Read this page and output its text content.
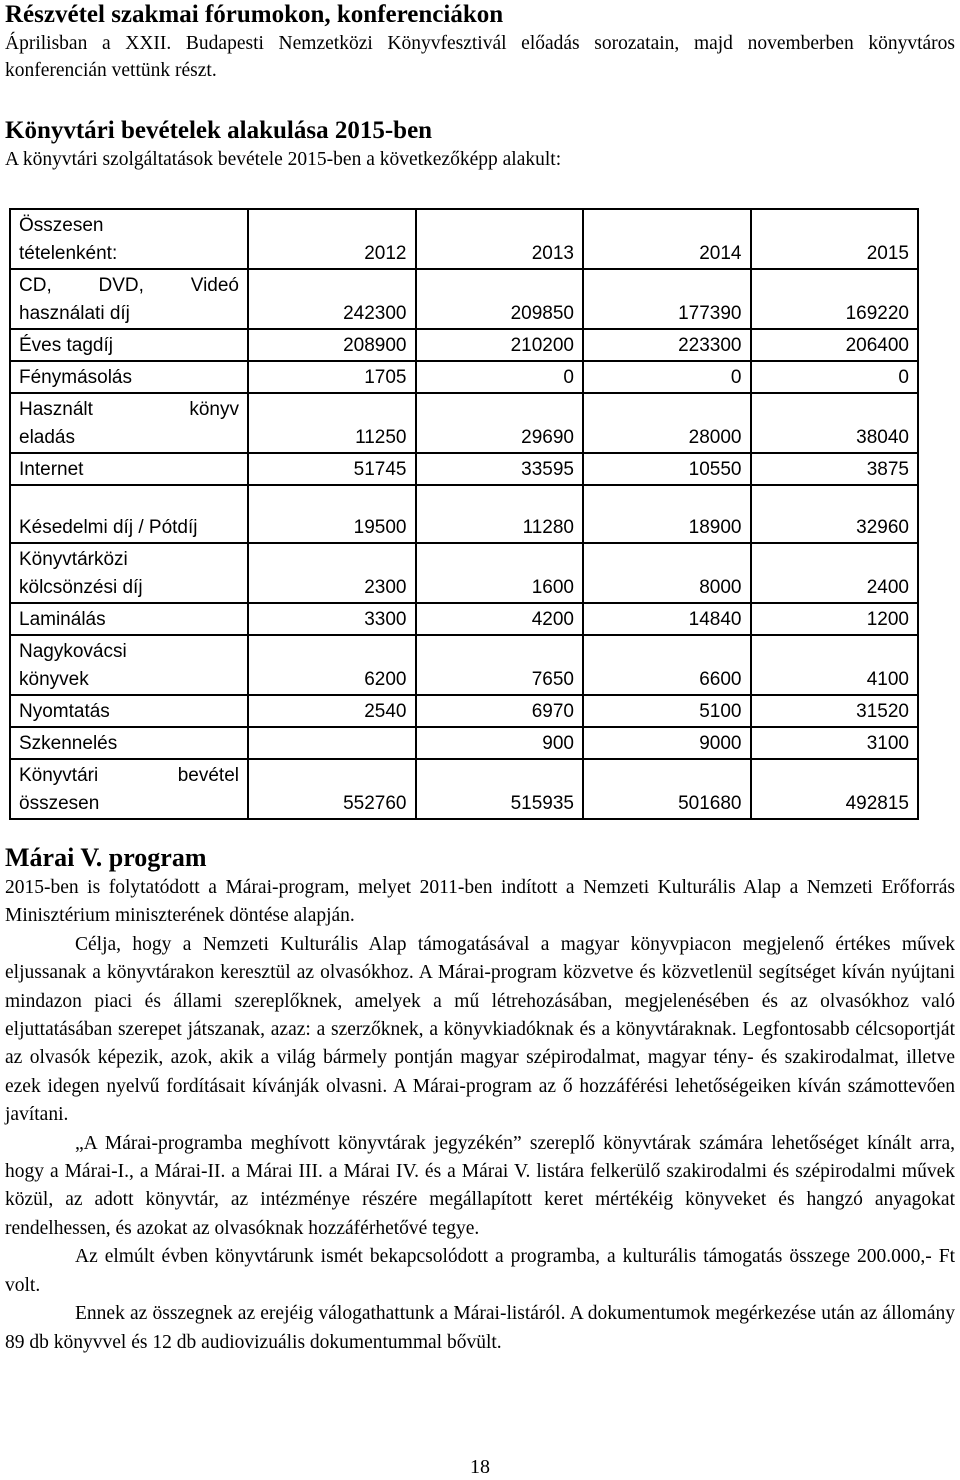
Részvétel szakmai fórumokon, konferenciákon

Áprilisban a XXII. Budapesti Nemzetközi Könyvfesztivál előadás sorozatain, majd novemberben könyvtáros konferencián vettünk részt.

Könyvtári bevételek alakulása 2015-ben

A könyvtári szolgáltatások bevétele 2015-ben a következőképp alakult:

Összesen
tételenként:	2012	2013	2014	2015

CD, DVD, Videó
használati díj	242300	209850	177390	169220

Éves tagdíj	208900	210200	223300	206400

Fénymásolás	1705	0	0	0

Használt könyv
eladás	11250	29690	28000	38040

Internet	51745	33595	10550	3875

Késedelmi díj / Pótdíj	19500	11280	18900	32960

Könyvtárközi
kölcsönzési díj	2300	1600	8000	2400

Laminálás	3300	4200	14840	1200

Nagykovácsi
könyvek	6200	7650	6600	4100

Nyomtatás	2540	6970	5100	31520

Szkennelés		900	9000	3100

Könyvtári bevétel
összesen	552760	515935	501680	492815
Márai V. program

2015-ben is folytatódott a Márai-program, melyet 2011-ben indított a Nemzeti Kulturális Alap a Nemzeti Erőforrás Minisztérium miniszterének döntése alapján.

Célja, hogy a Nemzeti Kulturális Alap támogatásával a magyar könyvpiacon megjelenő értékes művek eljussanak a könyvtárakon keresztül az olvasókhoz. A Márai-program közvetve és közvetlenül segítséget kíván nyújtani mindazon piaci és állami szereplőknek, amelyek a mű létrehozásában, megjelenésében és az olvasókhoz való eljuttatásában szerepet játszanak, azaz: a szerzőknek, a könyvkiadóknak és a könyvtáraknak. Legfontosabb célcsoportját az olvasók képezik, azok, akik a világ bármely pontján magyar szépirodalmat, magyar tény- és szakirodalmat, illetve ezek idegen nyelvű fordításait kívánják olvasni. A Márai-program az ő hozzáférési lehetőségeiken kíván számottevően javítani.

„A Márai-programba meghívott könyvtárak jegyzékén” szereplő könyvtárak számára lehetőséget kínált arra, hogy a Márai-I., a Márai-II. a Márai III. a Márai IV. és a Márai V. listára felkerülő szakirodalmi és szépirodalmi művek közül, az adott könyvtár, az intézménye részére megállapított keret mértékéig könyveket és hangzó anyagokat rendelhessen, és azokat az olvasóknak hozzáférhetővé tegye.

Az elmúlt évben könyvtárunk ismét bekapcsolódott a programba, a kulturális támogatás összege 200.000,- Ft volt.

Ennek az összegnek az erejéig válogathattunk a Márai-listáról. A dokumentumok megérkezése után az állomány 89 db könyvvel és 12 db audiovizuális dokumentummal bővült.

18
